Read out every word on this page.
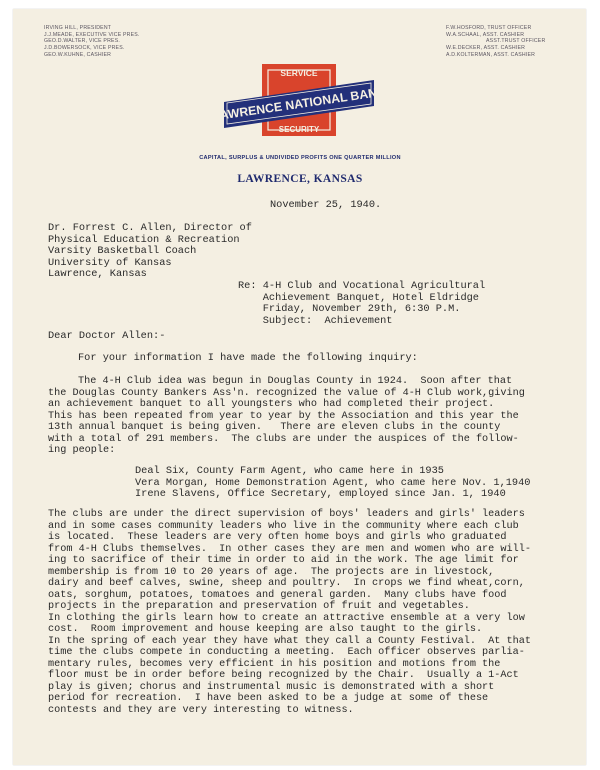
IRVING HILL, PRESIDENT
J.J.MEADE, EXECUTIVE VICE PRES.
GEO.D.WALTER, VICE PRES.
J.D.BOWERSOCK, VICE PRES.
GEO.W.KUHNE, CASHIER
F.W.HOSFORD, TRUST OFFICER
W.A.SCHAAL, ASST. CASHIER
ASST.TRUST OFFICER
W.E.DECKER, ASST. CASHIER
A.D.KOLTERMAN, ASST. CASHIER
SERVICE
LAWRENCE NATIONAL BANK
SECURITY
CAPITAL, SURPLUS & UNDIVIDED PROFITS ONE QUARTER MILLION
LAWRENCE, KANSAS
November 25, 1940.
Dr. Forrest C. Allen, Director of
Physical Education & Recreation
Varsity Basketball Coach
University of Kansas
Lawrence, Kansas
Re: 4-H Club and Vocational Agricultural
Achievement Banquet, Hotel Eldridge
Friday, November 29th, 6:30 P.M.
Subject:  Achievement
Dear Doctor Allen:-
For your information I have made the following inquiry:
The 4-H Club idea was begun in Douglas County in 1924.  Soon after that
the Douglas County Bankers Ass'n. recognized the value of 4-H Club work,giving
an achievement banquet to all youngsters who had completed their project.
This has been repeated from year to year by the Association and this year the
13th annual banquet is being given.   There are eleven clubs in the county
with a total of 291 members.  The clubs are under the auspices of the follow-
ing people:
Deal Six, County Farm Agent, who came here in 1935
Vera Morgan, Home Demonstration Agent, who came here Nov. 1,1940
Irene Slavens, Office Secretary, employed since Jan. 1, 1940
The clubs are under the direct supervision of boys' leaders and girls' leaders
and in some cases community leaders who live in the community where each club
is located.  These leaders are very often home boys and girls who graduated
from 4-H Clubs themselves.  In other cases they are men and women who are will-
ing to sacrifice of their time in order to aid in the work. The age limit for
membership is from 10 to 20 years of age.  The projects are in livestock,
dairy and beef calves, swine, sheep and poultry.  In crops we find wheat,corn,
oats, sorghum, potatoes, tomatoes and general garden.  Many clubs have food
projects in the preparation and preservation of fruit and vegetables.
In clothing the girls learn how to create an attractive ensemble at a very low
cost.  Room improvement and house keeping are also taught to the girls.
In the spring of each year they have what they call a County Festival.  At that
time the clubs compete in conducting a meeting.  Each officer observes parlia-
mentary rules, becomes very efficient in his position and motions from the
floor must be in order before being recognized by the Chair.  Usually a 1-Act
play is given; chorus and instrumental music is demonstrated with a short
period for recreation.  I have been asked to be a judge at some of these
contests and they are very interesting to witness.
